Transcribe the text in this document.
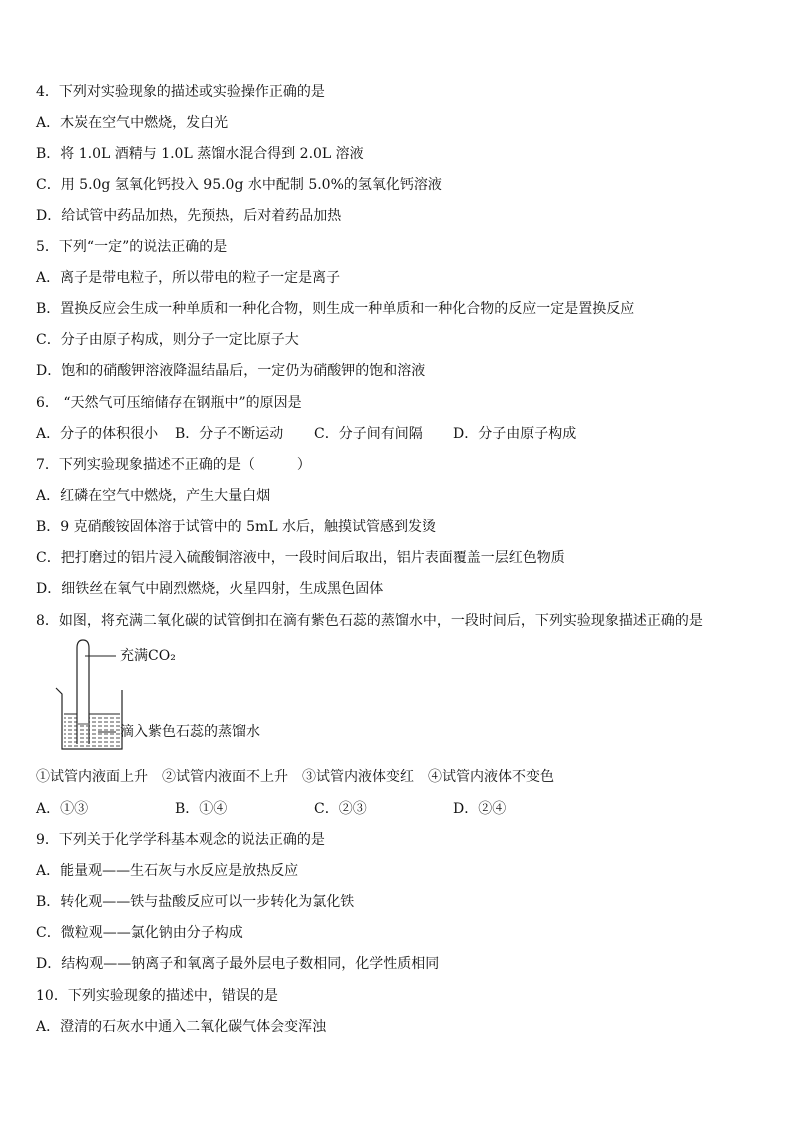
4．下列对实验现象的描述或实验操作正确的是
A．木炭在空气中燃烧，发白光
B．将 1.0L 酒精与 1.0L 蒸馏水混合得到 2.0L 溶液
C．用 5.0g 氢氧化钙投入 95.0g 水中配制 5.0%的氢氧化钙溶液
D．给试管中药品加热，先预热，后对着药品加热
5．下列“一定”的说法正确的是
A．离子是带电粒子，所以带电的粒子一定是离子
B．置换反应会生成一种单质和一种化合物，则生成一种单质和一种化合物的反应一定是置换反应
C．分子由原子构成，则分子一定比原子大
D．饱和的硝酸钾溶液降温结晶后，一定仍为硝酸钾的饱和溶液
6． “天然气可压缩储存在钢瓶中”的原因是
A．分子的体积很小 B．分子不断运动 C．分子间有间隔 D．分子由原子构成
7．下列实验现象描述不正确的是（　　　）
A．红磷在空气中燃烧，产生大量白烟
B．9 克硝酸铵固体溶于试管中的 5mL 水后，触摸试管感到发烫
C．把打磨过的铝片浸入硫酸铜溶液中，一段时间后取出，铝片表面覆盖一层红色物质
D．细铁丝在氧气中剧烈燃烧，火星四射，生成黑色固体
8．如图，将充满二氧化碳的试管倒扣在滴有紫色石蕊的蒸馏水中，一段时间后，下列实验现象描述正确的是
充满CO₂
滴入紫色石蕊的蒸馏水
①试管内液面上升　②试管内液面不上升　③试管内液体变红　④试管内液体不变色
A．①③	B．①④	C．②③	D．②④
9．下列关于化学学科基本观念的说法正确的是
A．能量观——生石灰与水反应是放热反应
B．转化观——铁与盐酸反应可以一步转化为氯化铁
C．微粒观——氯化钠由分子构成
D．结构观——钠离子和氧离子最外层电子数相同，化学性质相同
10．下列实验现象的描述中，错误的是
A．澄清的石灰水中通入二氧化碳气体会变浑浊
